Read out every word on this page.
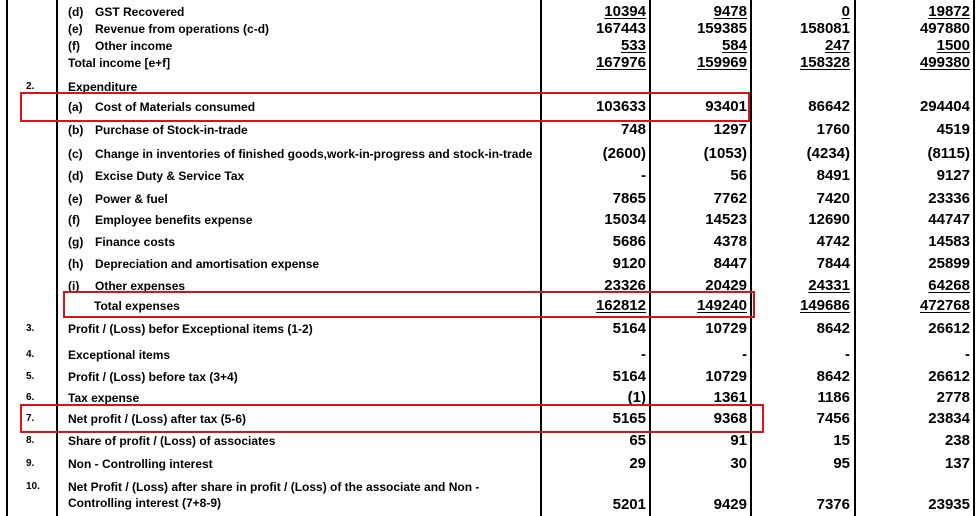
(d) GST Recovered	10394	9478	0	19872
(e) Revenue from operations (c-d)	167443	159385	158081	497880
(f) Other income	533	584	247	1500
Total income [e+f]	167976	159969	158328	499380
2.	Expenditure
(a) Cost of Materials consumed	103633	93401	86642	294404
(b) Purchase of Stock-in-trade	748	1297	1760	4519
(c) Change in inventories of finished goods,work-in-progress and stock-in-trade	(2600)	(1053)	(4234)	(8115)
(d) Excise Duty & Service Tax	-	56	8491	9127
(e) Power & fuel	7865	7762	7420	23336
(f) Employee benefits expense	15034	14523	12690	44747
(g) Finance costs	5686	4378	4742	14583
(h) Depreciation and amortisation expense	9120	8447	7844	25899
(i) Other expenses	23326	20429	24331	64268
Total expenses	162812	149240	149686	472768
3.	Profit / (Loss) befor Exceptional items (1-2)	5164	10729	8642	26612
4.	Exceptional items	-	-	-	-
5.	Profit / (Loss) before tax (3+4)	5164	10729	8642	26612
6.	Tax expense	(1)	1361	1186	2778
7.	Net profit / (Loss) after tax (5-6)	5165	9368	7456	23834
8.	Share of profit / (Loss) of associates	65	91	15	238
9.	Non - Controlling interest	29	30	95	137
10. Net Profit / (Loss) after share in profit / (Loss) of the associate and Non -
Controlling interest (7+8-9)	5201	9429	7376	23935
